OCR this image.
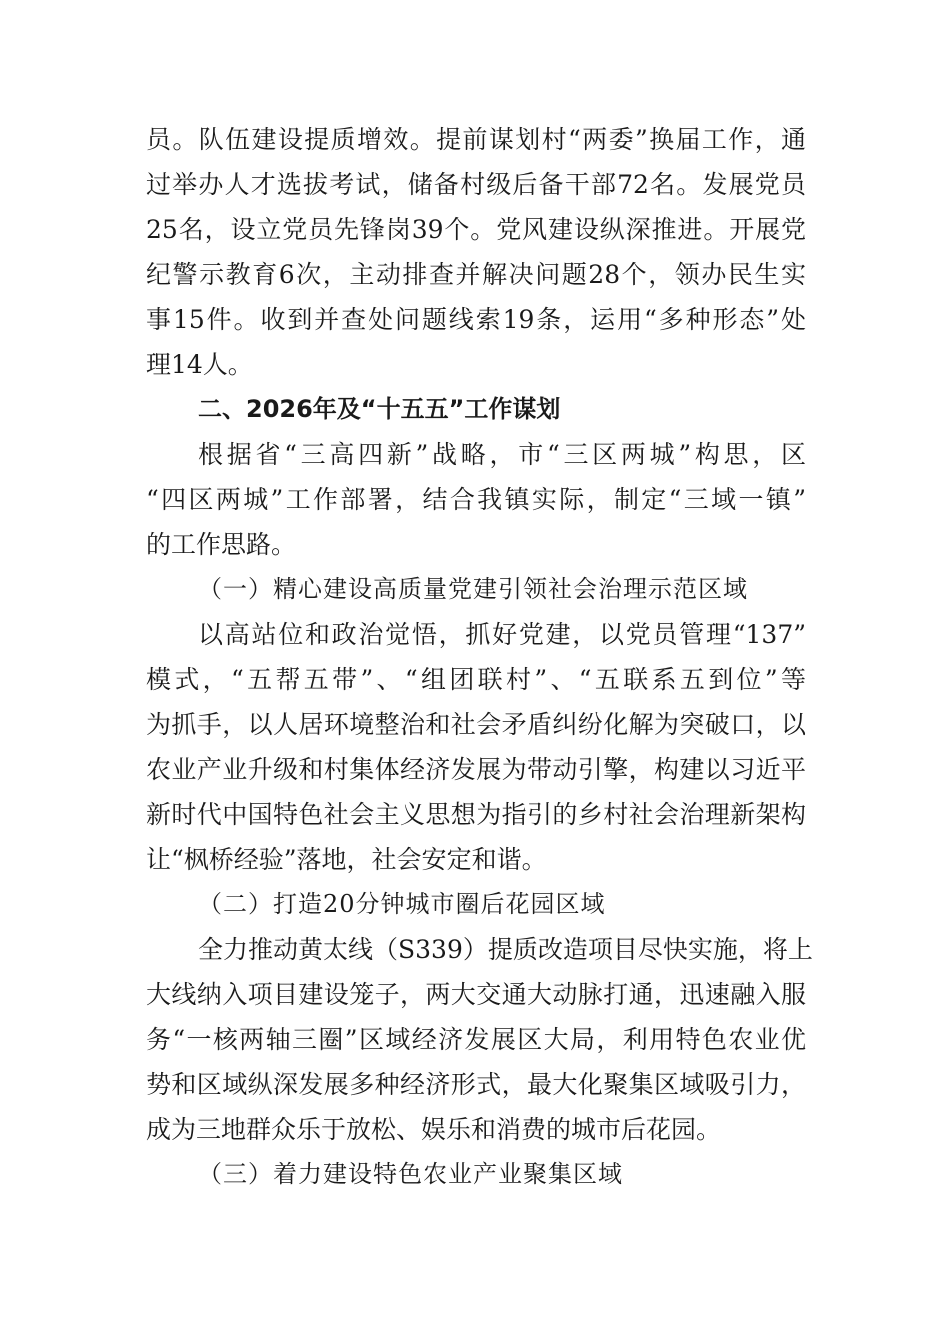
员。队伍建设提质增效。提前谋划村“两委”换届工作，通
过举办人才选拔考试，储备村级后备干部72名。发展党员
25名，设立党员先锋岗39个。党风建设纵深推进。开展党
纪警示教育6次，主动排查并解决问题28个，领办民生实
事15件。收到并查处问题线索19条，运用“多种形态”处
理14人。
二、2026年及“十五五”工作谋划
根据省“三高四新”战略，市“三区两城”构思，区
“四区两城”工作部署，结合我镇实际，制定“三域一镇”
的工作思路。
（一）精心建设高质量党建引领社会治理示范区域
以高站位和政治觉悟，抓好党建，以党员管理“137”
模式，“五帮五带”、“组团联村”、“五联系五到位”等
为抓手，以人居环境整治和社会矛盾纠纷化解为突破口，以
农业产业升级和村集体经济发展为带动引擎，构建以习近平
新时代中国特色社会主义思想为指引的乡村社会治理新架构
让“枫桥经验”落地，社会安定和谐。
（二）打造20分钟城市圈后花园区域
全力推动黄太线（S339）提质改造项目尽快实施，将上
大线纳入项目建设笼子，两大交通大动脉打通，迅速融入服
务“一核两轴三圈”区域经济发展区大局，利用特色农业优
势和区域纵深发展多种经济形式，最大化聚集区域吸引力，
成为三地群众乐于放松、娱乐和消费的城市后花园。
（三）着力建设特色农业产业聚集区域
